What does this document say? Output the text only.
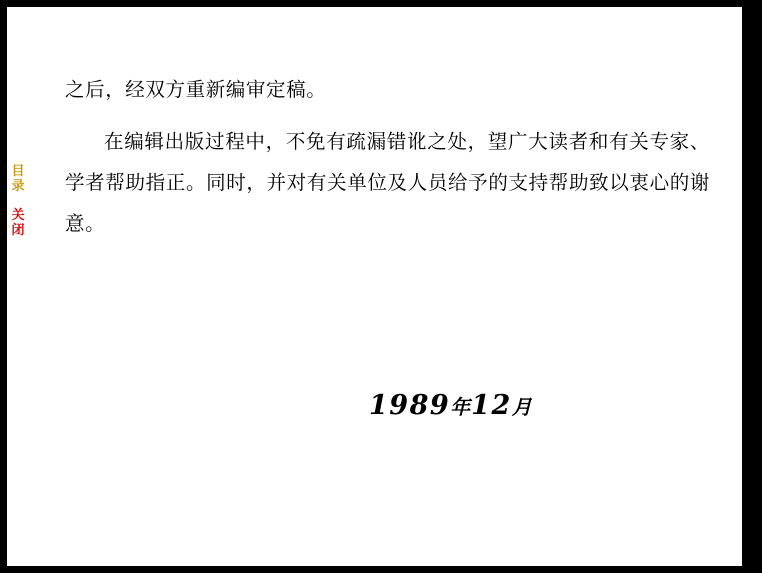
之后，经双方重新编审定稿。

在编辑出版过程中，不免有疏漏错讹之处，望广大读者和有关专家、学者帮助指正。同时，并对有关单位及人员给予的支持帮助致以衷心的谢意。

1989年12月
目
录
关
闭
